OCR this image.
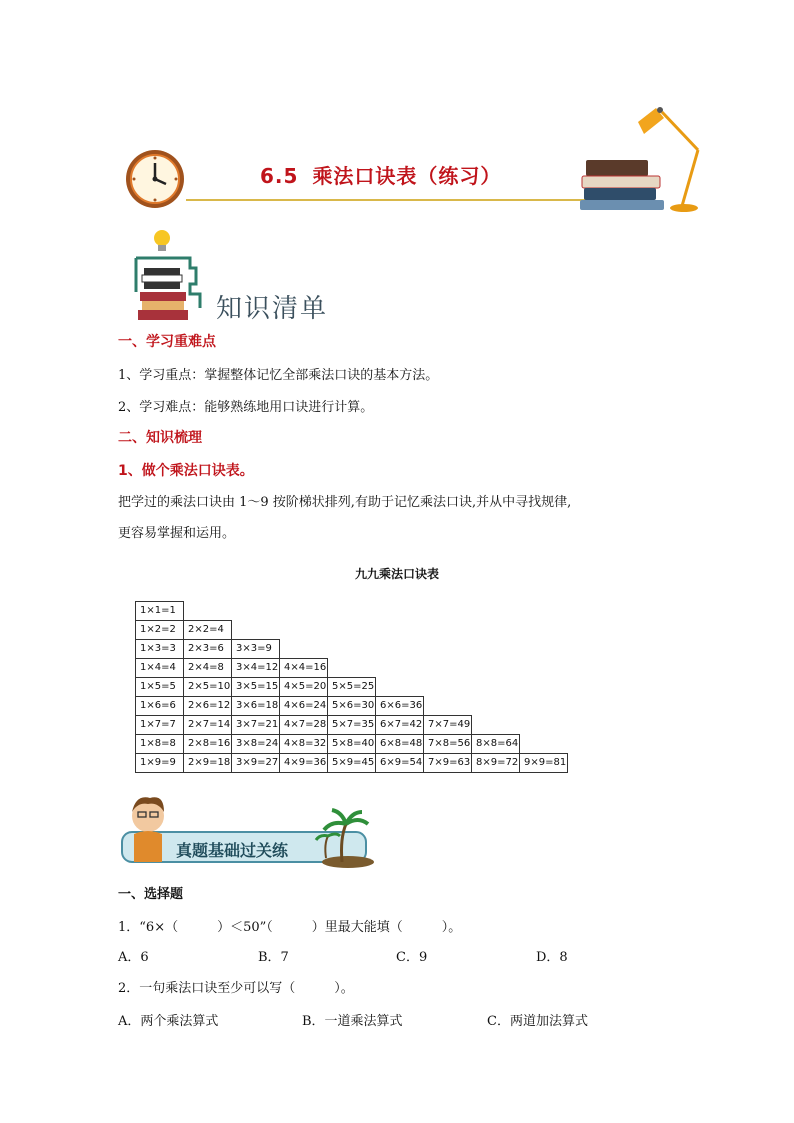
6.5 乘法口诀表（练习）
知识清单
一、学习重难点
1、学习重点：掌握整体记忆全部乘法口诀的基本方法。
2、学习难点：能够熟练地用口诀进行计算。
二、知识梳理
1、做个乘法口诀表。
把学过的乘法口诀由 1～9 按阶梯状排列,有助于记忆乘法口诀,并从中寻找规律,
更容易掌握和运用。
九九乘法口诀表
1×1=1
1×2=2	2×2=4
1×3=3	2×3=6	3×3=9
1×4=4	2×4=8	3×4=12 4×4=16
1×5=5	2×5=10 3×5=15 4×5=20 5×5=25
1×6=6	2×6=12 3×6=18 4×6=24 5×6=30 6×6=36
1×7=7	2×7=14 3×7=21 4×7=28 5×7=35 6×7=42 7×7=49
1×8=8	2×8=16 3×8=24 4×8=32 5×8=40 6×8=48 7×8=56 8×8=64
1×9=9	2×9=18 3×9=27 4×9=36 5×9=45 6×9=54 7×9=63 8×9=72 9×9=81
真题基础过关练
一、选择题
1．“6×（　　　）＜50”（　　　）里最大能填（　　　）。
A．6	B．7	C．9	D．8
2．一句乘法口诀至少可以写（　　　）。
A．两个乘法算式	B．一道乘法算式	C．两道加法算式
